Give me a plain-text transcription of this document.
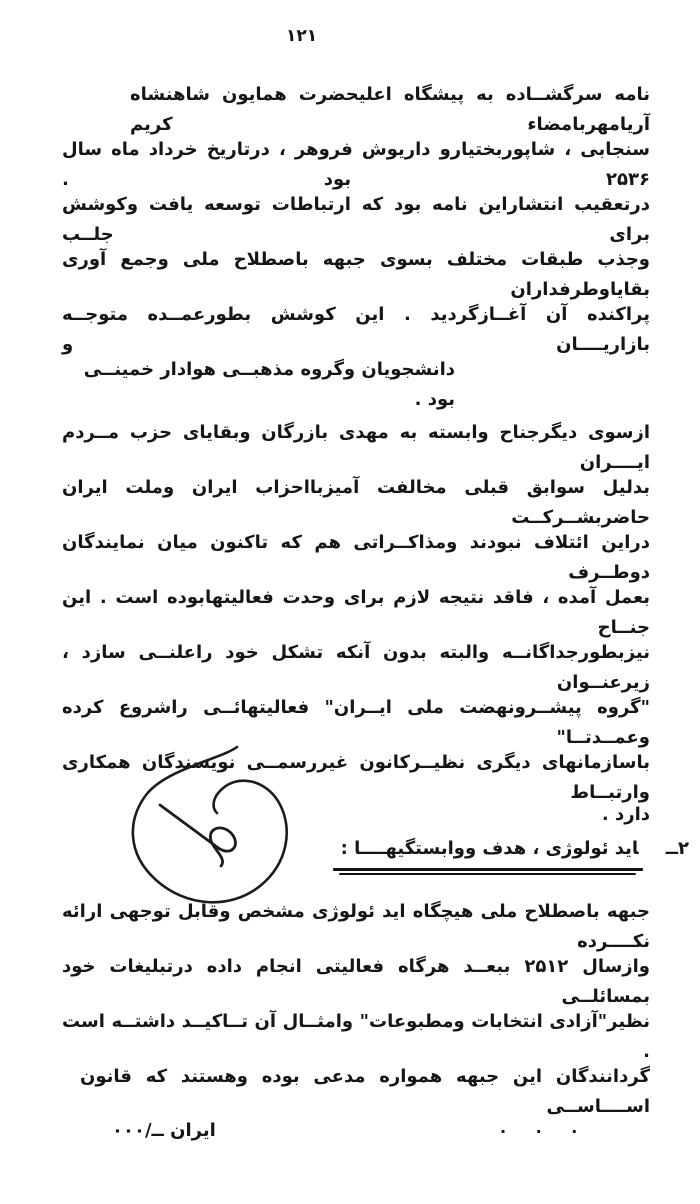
۱۲۱
نامه سرگشــاده به پیشگاه اعلیحضرت همایون شاهنشاه آریامهربامضاء کریم
سنجابی ، شاپوربختیارو داریوش فروهر ، درتاریخ خرداد ماه سال ۲۵۳۶ بود .
درتعقیب انتشاراین نامه بود که ارتباطات توسعه یافت وکوشش برای جلــب
وجذب طبقات مختلف بسوی جبهه باصطلاح ملی وجمع آوری بقایاوطرفداران
پراکنده آن آغــازگردید . این کوشش بطورعمــده متوجــه بازاریــــان و
دانشجویان وگروه مذهبــی هوادار خمینــی بود .
ازسوی دیگرجناح وابسته به مهدی بازرگان وبقایای حزب مــردم ایــــران
بدلیل سوابق قبلی مخالفت آمیزبااحزاب ایران وملت ایران حاضربشــرکــت
دراین ائتلاف نبودند ومذاکــراتی هم که تاکنون میان نمایندگان دوطــرف
بعمل آمده ، فاقد نتیجه لازم برای وحدت فعالیتهابوده است . این جنــاح
نیزبطورجداگانــه والبته بدون آنکه تشکل خود راعلنــی سازد ، زیرعنــوان
"گروه پیشــرونهضت ملی ایــران" فعالیتهائــی راشروع کرده وعمــدتــا"
باسازمانهای دیگری نظیــرکانون غیررسمــی نویسندگان همکاری وارتبــاط
دارد .
۲ــاید ئولوژی ، هدف ووابستگیهــــا :
جبهه باصطلاح ملی هیچگاه اید ئولوژی مشخص وقابل توجهی ارائه نکــــرده
وازسال ۲۵۱۲ ببعــد هرگاه فعالیتی انجام داده درتبلیغات خود بمسائلــی
نظیر"آزادی انتخابات ومطبوعات" وامثــال آن تــاکیــد داشتــه است .
گردانندگان این جبهه همواره مدعی بوده وهستند که قانون اســــاســی
. . .
ایران ــ/۰۰۰
